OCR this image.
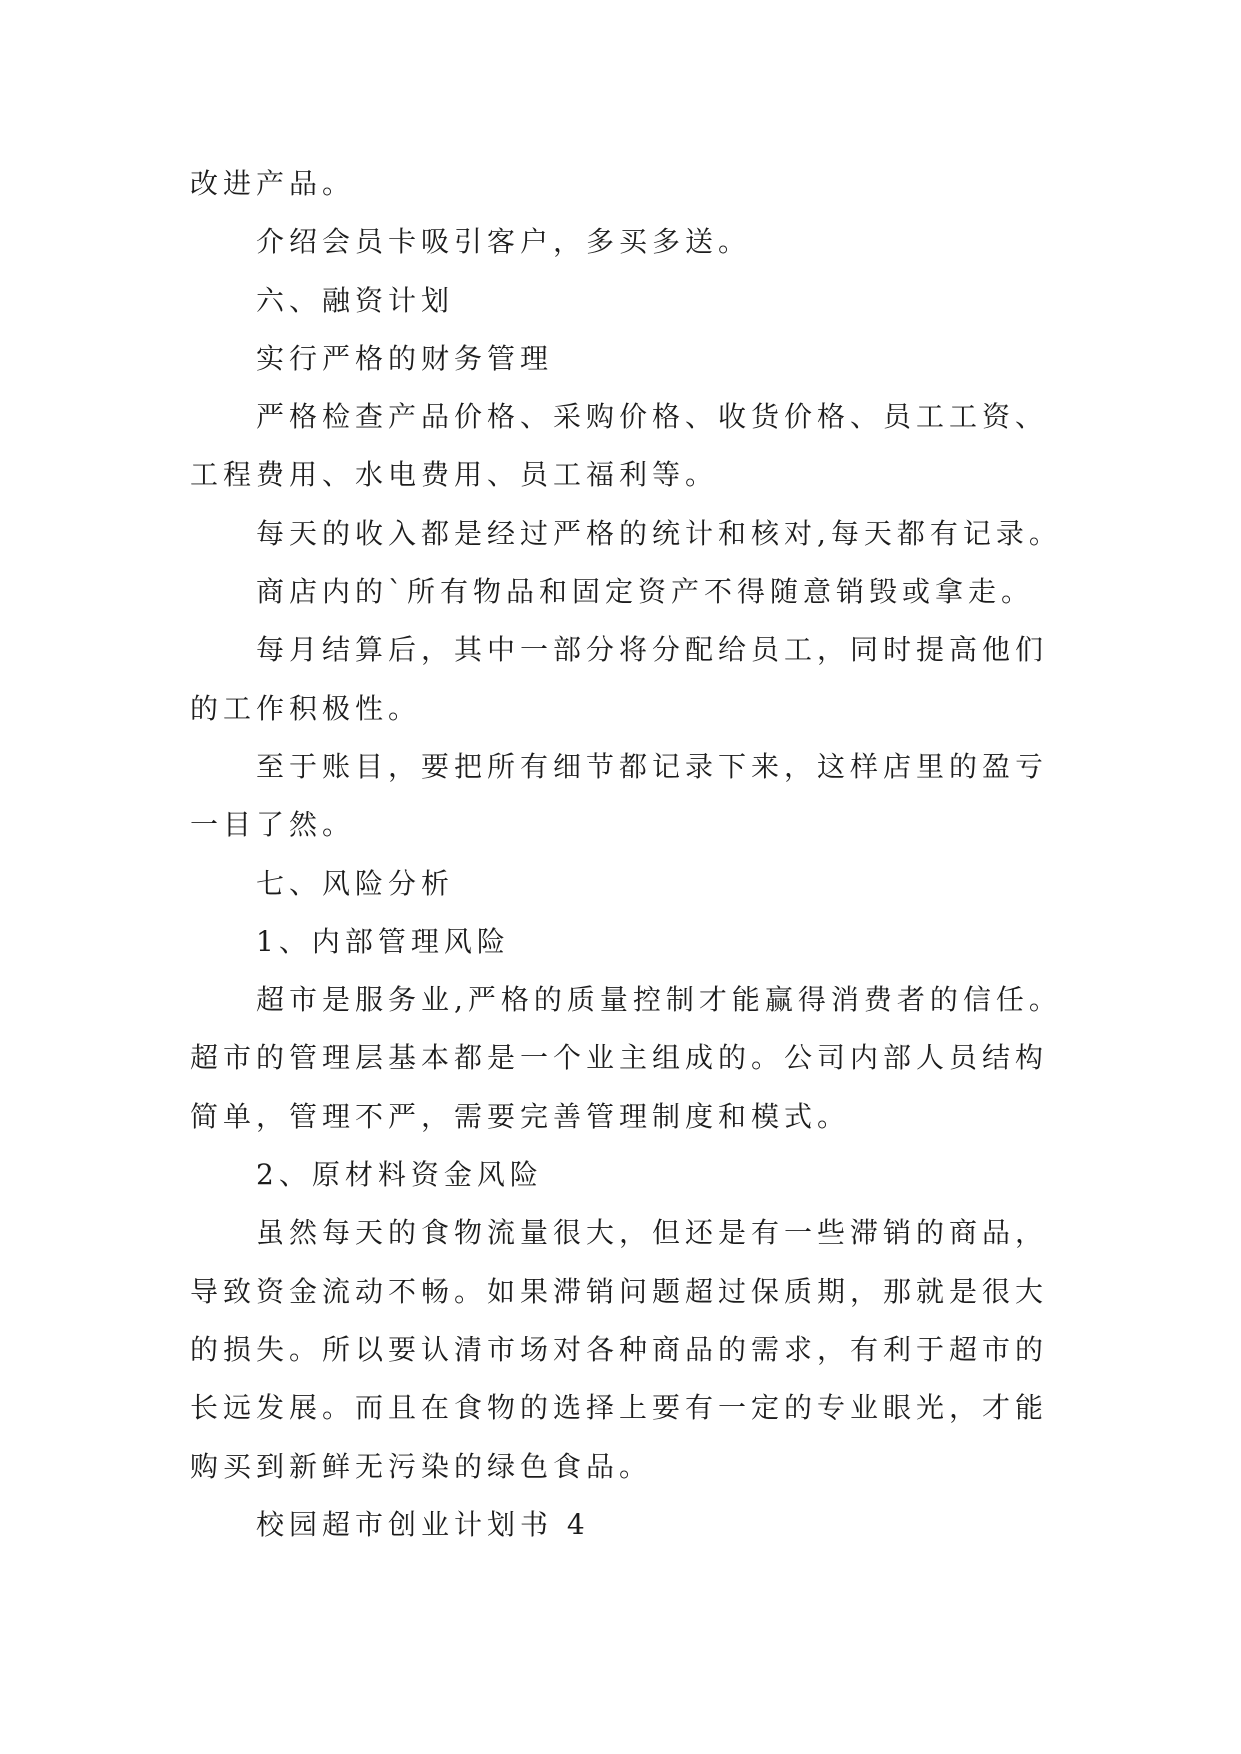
改进产品。
介绍会员卡吸引客户，多买多送。
六、融资计划
实行严格的财务管理
严格检查产品价格、采购价格、收货价格、员工工资、
工程费用、水电费用、员工福利等。
每天的收入都是经过严格的统计和核对,每天都有记录。
商店内的`所有物品和固定资产不得随意销毁或拿走。
每月结算后，其中一部分将分配给员工，同时提高他们
的工作积极性。
至于账目，要把所有细节都记录下来，这样店里的盈亏
一目了然。
七、风险分析
1、内部管理风险
超市是服务业,严格的质量控制才能赢得消费者的信任。
超市的管理层基本都是一个业主组成的。公司内部人员结构
简单，管理不严，需要完善管理制度和模式。
2、原材料资金风险
虽然每天的食物流量很大，但还是有一些滞销的商品，
导致资金流动不畅。如果滞销问题超过保质期，那就是很大
的损失。所以要认清市场对各种商品的需求，有利于超市的
长远发展。而且在食物的选择上要有一定的专业眼光，才能
购买到新鲜无污染的绿色食品。
校园超市创业计划书 4
